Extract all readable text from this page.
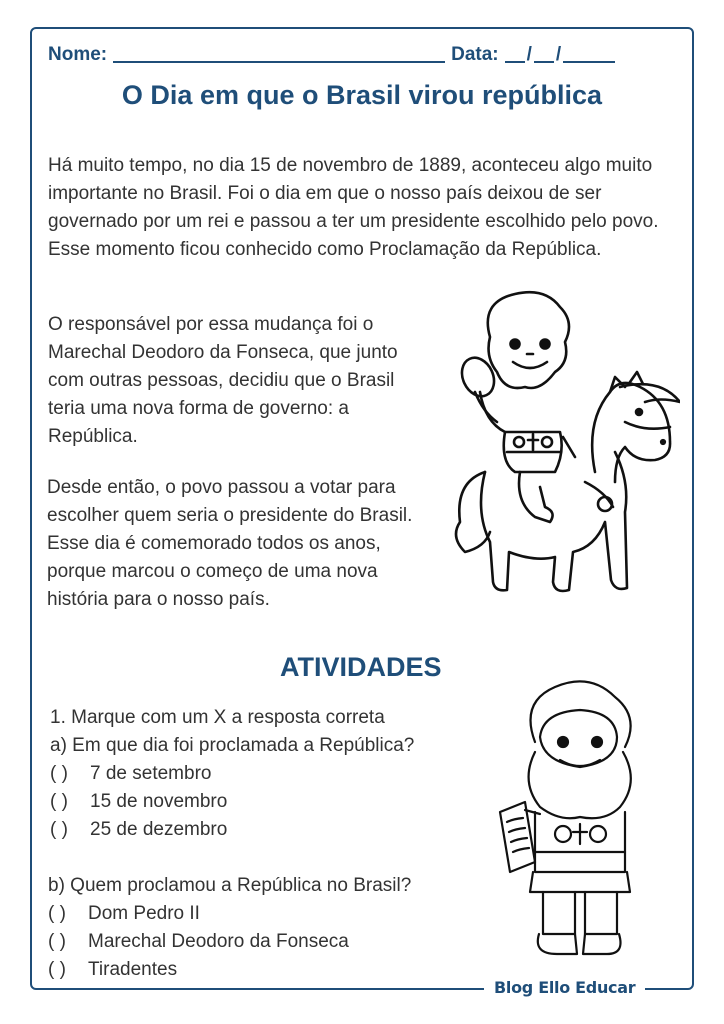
Blog Ello Educar
Nome:	Data: / /
O Dia em que o Brasil virou república

Há muito tempo, no dia 15 de novembro de 1889, aconteceu algo muito importante no Brasil. Foi o dia em que o nosso país deixou de ser governado por um rei e passou a ter um presidente escolhido pelo povo. Esse momento ficou conhecido como Proclamação da República.

O responsável por essa mudança foi o Marechal Deodoro da Fonseca, que junto com outras pessoas, decidiu que o Brasil teria uma nova forma de governo: a República.

Desde então, o povo passou a votar para escolher quem seria o presidente do Brasil. Esse dia é comemorado todos os anos, porque marcou o começo de uma nova história para o nosso país.

ATIVIDADES
1. Marque com um X a resposta correta
a) Em que dia foi proclamada a República?
( )	7 de setembro
( )	15 de novembro
( )	25 de dezembro
b) Quem proclamou a República no Brasil?
( )	Dom Pedro II
( )	Marechal Deodoro da Fonseca
( )	Tiradentes
